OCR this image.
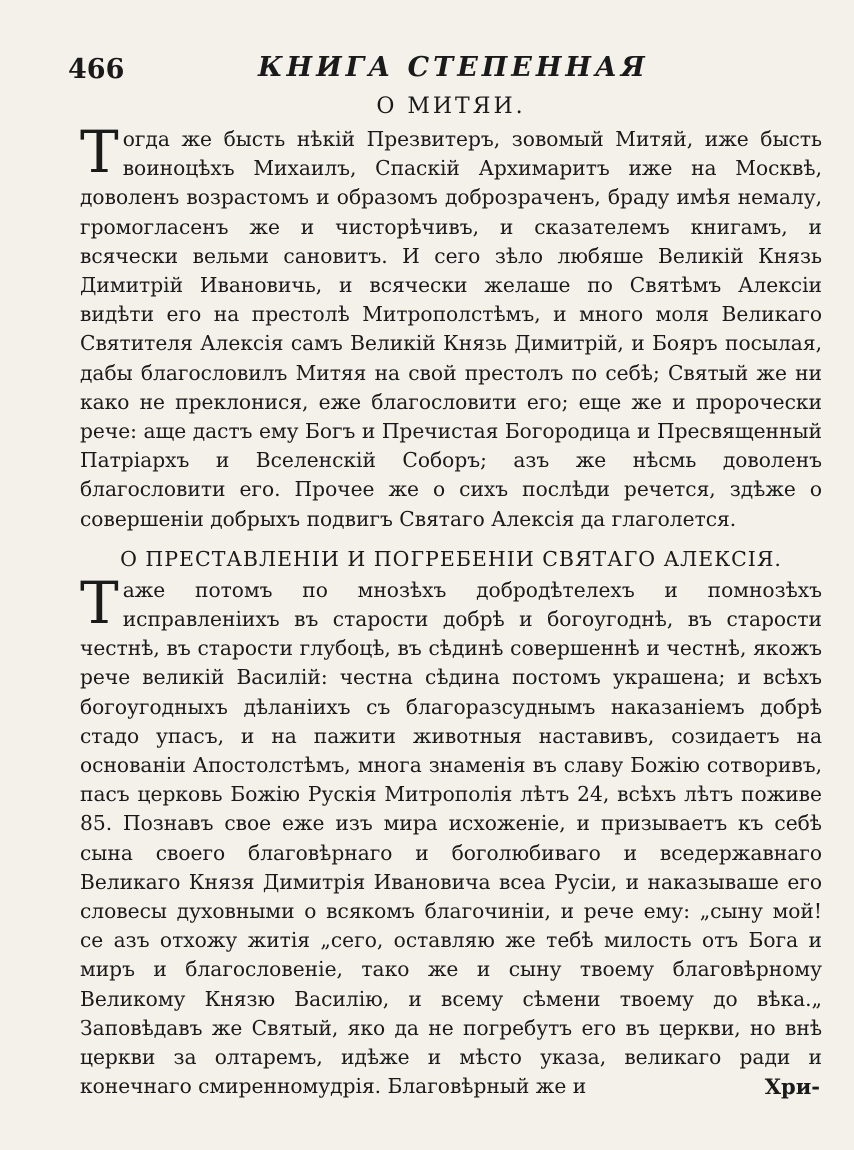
466	КНИГА СТЕПЕННАЯ
О МИТЯИ.

Тогда же бысть нѣкій Презвитеръ, зовомый Митяй, иже бысть воиноцѣхъ Михаилъ, Спаскій Архимаритъ иже на Москвѣ, доволенъ возрастомъ и образомъ доброзраченъ, браду имѣя немалу, громогласенъ же и чисторѣчивъ, и сказателемъ книгамъ, и всячески вельми сановитъ. И сего зѣло любяше Великій Князь Димитрій Ивановичь, и всячески желаше по Святѣмъ Алексіи видѣти его на престолѣ Митрополстѣмъ, и много моля Великаго Святителя Алексія самъ Великій Князь Димитрій, и Бояръ посылая, дабы благословилъ Митяя на свой престолъ по себѣ; Святый же ни како не преклонися, еже благословити его; еще же и пророчески рече: аще дастъ ему Богъ и Пречистая Богородица и Пресвященный Патріархъ и Вселенскій Соборъ; азъ же нѣсмь доволенъ благословити его. Прочее же о сихъ послѣди речется, здѣже о совершеніи добрыхъ подвигъ Святаго Алексія да глаголется.

О ПРЕСТАВЛЕНІИ И ПОГРЕБЕНІИ СВЯТАГО АЛЕКСІЯ.

Таже потомъ по мнозѣхъ добродѣтелехъ и помнозѣхъ исправленіихъ въ старости добрѣ и богоугоднѣ, въ старости честнѣ, въ старости глубоцѣ, въ сѣдинѣ совершеннѣ и честнѣ, якожъ рече великій Василій: честна сѣдина постомъ украшена; и всѣхъ богоугодныхъ дѣланіихъ съ благоразсуднымъ наказаніемъ добрѣ стадо упасъ, и на пажити животныя наставивъ, созидаетъ на основаніи Апостолстѣмъ, многа знаменія въ славу Божію сотворивъ, пасъ церковь Божію Рускія Митрополія лѣтъ 24, всѣхъ лѣтъ поживе 85. Познавъ свое еже изъ мира исхоженіе, и призываетъ къ себѣ сына своего благовѣрнаго и боголюбиваго и вседержавнаго Великаго Князя Димитрія Ивановича всеа Русіи, и наказываше его словесы духовными о всякомъ благочиніи, и рече ему: „сыну мой! се азъ отхожу житія „сего, оставляю же тебѣ милость отъ Бога и миръ и благословеніе, тако же и сыну твоему благовѣрному Великому Князю Василію, и всему сѣмени твоему до вѣка.„ Заповѣдавъ же Святый, яко да не погребутъ его въ церкви, но внѣ церкви за олтаремъ, идѣже и мѣсто указа, великаго ради и конечнаго смиренномудрія. Благовѣрный же и	Хри-
